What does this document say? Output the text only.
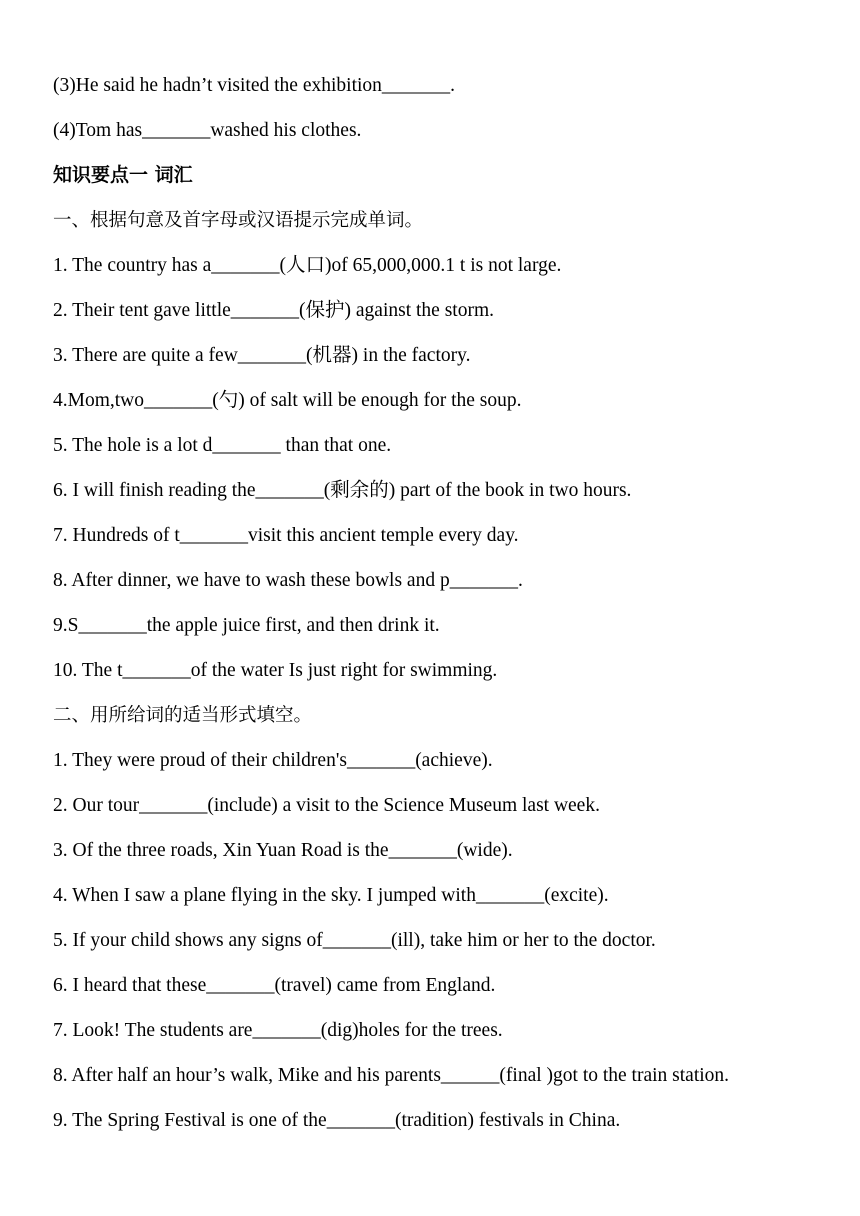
(3)He said he hadn’t visited the exhibition_______.
(4)Tom has_______washed his clothes.
知识要点一 词汇
一、根据句意及首字母或汉语提示完成单词。
1. The country has a_______(人口)of 65,000,000.1 t is not large.
2. Their tent gave little_______(保护) against the storm.
3. There are quite a few_______(机器) in the factory.
4.Mom,two_______(勺) of salt will be enough for the soup.
5. The hole is a lot d_______ than that one.
6. I will finish reading the_______(剩余的) part of the book in two hours.
7. Hundreds of t_______visit this ancient temple every day.
8. After dinner, we have to wash these bowls and p_______.
9.S_______the apple juice first, and then drink it.
10. The t_______of the water Is just right for swimming.
二、用所给词的适当形式填空。
1. They were proud of their children's_______(achieve).
2. Our tour_______(include) a visit to the Science Museum last week.
3. Of the three roads, Xin Yuan Road is the_______(wide).
4. When I saw a plane flying in the sky. I jumped with_______(excite).
5. If your child shows any signs of_______(ill), take him or her to the doctor.
6. I heard that these_______(travel) came from England.
7. Look! The students are_______(dig)holes for the trees.
8. After half an hour’s walk, Mike and his parents______(final )got to the train station.
9. The Spring Festival is one of the_______(tradition) festivals in China.
